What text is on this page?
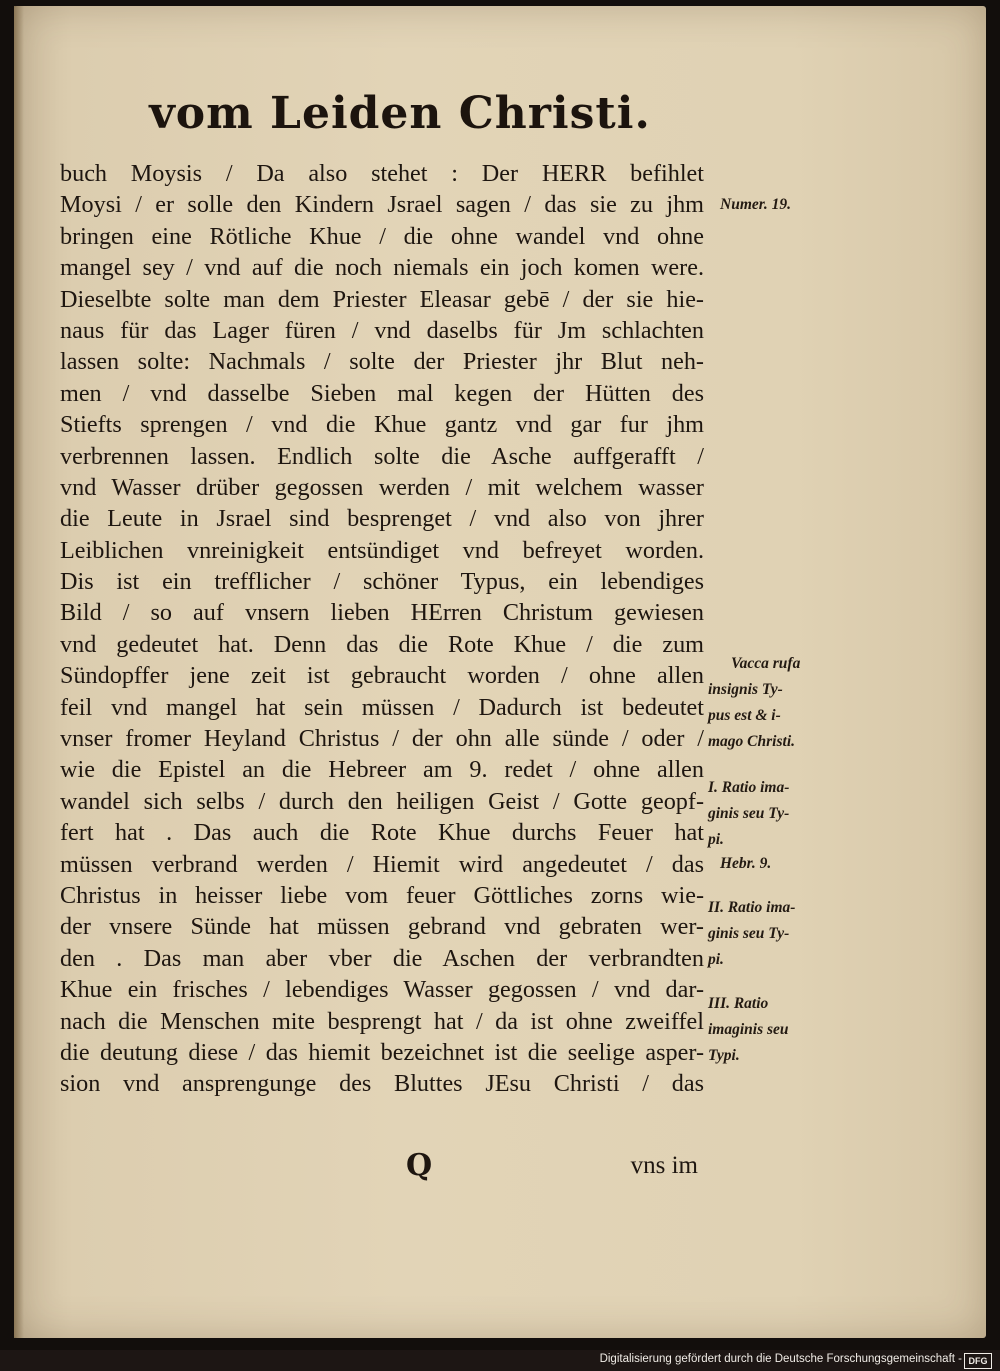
vom Leiden Christi.
buch Moysis / Da also stehet : Der HERR befihlet
Moysi / er solle den Kindern Jsrael sagen / das sie zu jhm
bringen eine Rötliche Khue / die ohne wandel vnd ohne
mangel sey / vnd auf die noch niemals ein joch komen were.
Dieselbte solte man dem Priester Eleasar gebē / der sie hie-
naus für das Lager füren / vnd daselbs für Jm schlachten
lassen solte: Nachmals / solte der Priester jhr Blut neh-
men / vnd dasselbe Sieben mal kegen der Hütten des
Stiefts sprengen / vnd die Khue gantz vnd gar fur jhm
verbrennen lassen. Endlich solte die Asche auffgerafft /
vnd Wasser drüber gegossen werden / mit welchem wasser
die Leute in Jsrael sind besprenget / vnd also von jhrer
Leiblichen vnreinigkeit entsündiget vnd befreyet worden.
Dis ist ein trefflicher / schöner Typus, ein lebendiges
Bild / so auf vnsern lieben HErren Christum gewiesen
vnd gedeutet hat. Denn das die Rote Khue / die zum
Sündopffer jene zeit ist gebraucht worden / ohne allen
feil vnd mangel hat sein müssen / Dadurch ist bedeutet
vnser fromer Heyland Christus / der ohn alle sünde / oder /
wie die Epistel an die Hebreer am 9. redet / ohne allen
wandel sich selbs / durch den heiligen Geist / Gotte geopf-
fert hat . Das auch die Rote Khue durchs Feuer hat
müssen verbrand werden / Hiemit wird angedeutet / das
Christus in heisser liebe vom feuer Göttliches zorns wie-
der vnsere Sünde hat müssen gebrand vnd gebraten wer-
den . Das man aber vber die Aschen der verbrandten
Khue ein frisches / lebendiges Wasser gegossen / vnd dar-
nach die Menschen mite besprengt hat / da ist ohne zweiffel
die deutung diese / das hiemit bezeichnet ist die seelige asper-
sion vnd ansprengunge des Bluttes JEsu Christi / das
Numer. 19.
Vacca rufa
insignis Ty-
pus est & i-
mago Christi.
I. Ratio ima-
ginis seu Ty-
pi.
Hebr. 9.
II. Ratio ima-
ginis seu Ty-
pi.
III. Ratio
imaginis seu
Typi.
Q	vns im
Digitalisierung gefördert durch die Deutsche Forschungsgemeinschaft - DFG
